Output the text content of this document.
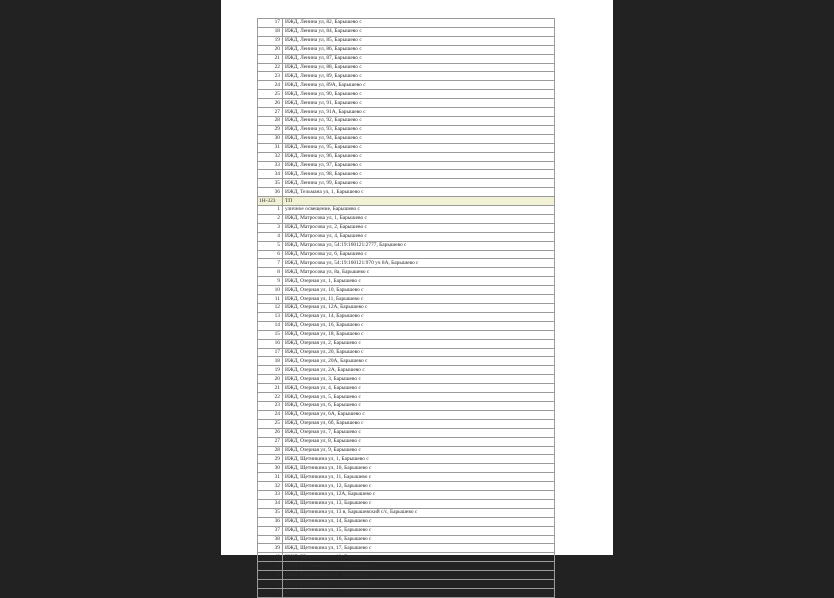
17	ИЖД, Ленина ул, 82, Барышево с
18	ИЖД, Ленина ул, 84, Барышево с
19	ИЖД, Ленина ул, 85, Барышево с
20	ИЖД, Ленина ул, 86, Барышево с
21	ИЖД, Ленина ул, 87, Барышево с
22	ИЖД, Ленина ул, 88, Барышево с
23	ИЖД, Ленина ул, 89, Барышево с
24	ИЖД, Ленина ул, 89А, Барышево с
25	ИЖД, Ленина ул, 90, Барышево с
26	ИЖД, Ленина ул, 91, Барышево с
27	ИЖД, Ленина ул, 91А, Барышево с
28	ИЖД, Ленина ул, 92, Барышево с
29	ИЖД, Ленина ул, 93, Барышево с
30	ИЖД, Ленина ул, 94, Барышево с
31	ИЖД, Ленина ул, 95, Барышево с
32	ИЖД, Ленина ул, 96, Барышево с
33	ИЖД, Ленина ул, 97, Барышево с
34	ИЖД, Ленина ул, 98, Барышево с
35	ИЖД, Ленина ул, 99, Барышево с
36	ИЖД, Тельмана ул, 1, Барышево с
1Н-323	ТП
1	уличное освещение, Барышево с
2	ИЖД, Матросова ул, 1, Барышево с
3	ИЖД, Матросова ул, 2, Барышево с
4	ИЖД, Матросова ул, 4, Барышево с
5	ИЖД, Матросова ул, 54:19:160121:2777, Барышево с
6	ИЖД, Матросова ул, 6, Барышево с
7	ИЖД, Матросова ул, 54:19:160121:970 уч 8А, Барышево с
8	ИЖД, Матросова ул, 8а, Барышево с
9	ИЖД, Озерная ул, 1, Барышево с
10	ИЖД, Озерная ул, 10, Барышево с
11	ИЖД, Озерная ул, 11, Барышево с
12	ИЖД, Озерная ул, 12А, Барышево с
13	ИЖД, Озерная ул, 14, Барышево с
14	ИЖД, Озерная ул, 16, Барышево с
15	ИЖД, Озерная ул, 18, Барышево с
16	ИЖД, Озерная ул, 2, Барышево с
17	ИЖД, Озерная ул, 20, Барышево с
18	ИЖД, Озерная ул, 20А, Барышево с
19	ИЖД, Озерная ул, 2А, Барышево с
20	ИЖД, Озерная ул, 3, Барышево с
21	ИЖД, Озерная ул, 4, Барышево с
22	ИЖД, Озерная ул, 5, Барышево с
23	ИЖД, Озерная ул, 6, Барышево с
24	ИЖД, Озерная ул, 6А, Барышево с
25	ИЖД, Озерная ул, 6б, Барышево с
26	ИЖД, Озерная ул, 7, Барышево с
27	ИЖД, Озерная ул, 8, Барышево с
28	ИЖД, Озерная ул, 9, Барышево с
29	ИЖД, Щетинкина ул, 1, Барышево с
30	ИЖД, Щетинкина ул, 10, Барышево с
31	ИЖД, Щетинкина ул, 11, Барышево с
32	ИЖД, Щетинкина ул, 12, Барышево с
33	ИЖД, Щетинкина ул, 12А, Барышево с
34	ИЖД, Щетинкина ул, 13, Барышево с
35	ИЖД, Щетинкина ул, 13 в, Барышевский с/с, Барышево с
36	ИЖД, Щетинкина ул, 14, Барышево с
37	ИЖД, Щетинкина ул, 15, Барышево с
38	ИЖД, Щетинкина ул, 16, Барышево с
39	ИЖД, Щетинкина ул, 17, Барышево с
40	ИЖД, Щетинкина ул, 18, Барышево с
41	ИЖД, Щетинкина ул, 19, Барышево с
42	ИЖД, Щетинкина ул, 2, Барышево с
43	ИЖД, Щетинкина ул, 20, Барышево с
44	ИЖД, Щетинкина ул, 21, Барышево с
